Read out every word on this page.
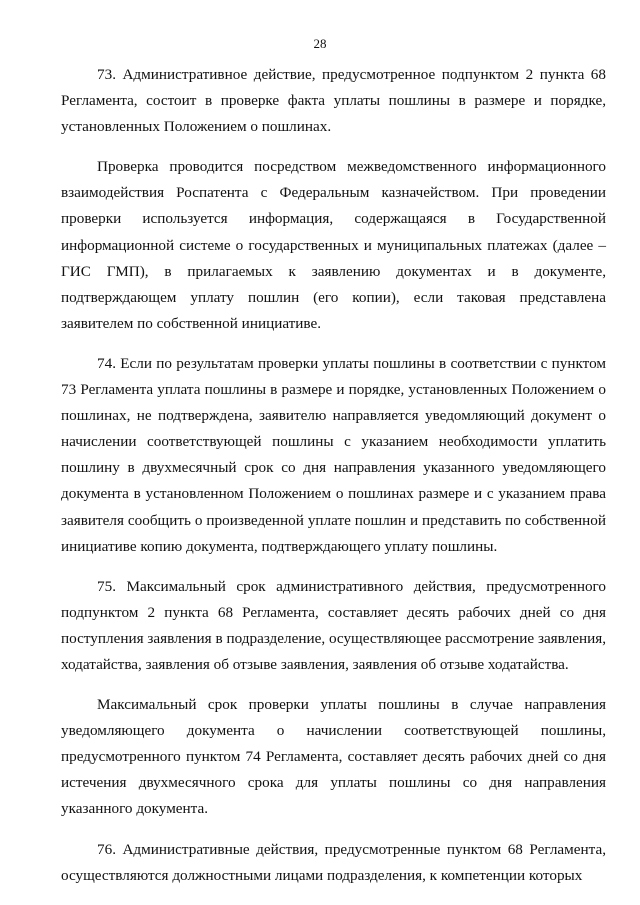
28

73. Административное действие, предусмотренное подпунктом 2 пункта 68 Регламента, состоит в проверке факта уплаты пошлины в размере и порядке, установленных Положением о пошлинах.

Проверка проводится посредством межведомственного информационного взаимодействия Роспатента с Федеральным казначейством. При проведении проверки используется информация, содержащаяся в Государственной информационной системе о государственных и муниципальных платежах (далее – ГИС ГМП), в прилагаемых к заявлению документах и в документе, подтверждающем уплату пошлин (его копии), если таковая представлена заявителем по собственной инициативе.

74. Если по результатам проверки уплаты пошлины в соответствии с пунктом 73 Регламента уплата пошлины в размере и порядке, установленных Положением о пошлинах, не подтверждена, заявителю направляется уведомляющий документ о начислении соответствующей пошлины с указанием необходимости уплатить пошлину в двухмесячный срок со дня направления указанного уведомляющего документа в установленном Положением о пошлинах размере и с указанием права заявителя сообщить о произведенной уплате пошлин и представить по собственной инициативе копию документа, подтверждающего уплату пошлины.

75. Максимальный срок административного действия, предусмотренного подпунктом 2 пункта 68 Регламента, составляет десять рабочих дней со дня поступления заявления в подразделение, осуществляющее рассмотрение заявления, ходатайства, заявления об отзыве заявления, заявления об отзыве ходатайства.

Максимальный срок проверки уплаты пошлины в случае направления уведомляющего документа о начислении соответствующей пошлины, предусмотренного пунктом 74 Регламента, составляет десять рабочих дней со дня истечения двухмесячного срока для уплаты пошлины со дня направления указанного документа.

76. Административные действия, предусмотренные пунктом 68 Регламента, осуществляются должностными лицами подразделения, к компетенции которых
